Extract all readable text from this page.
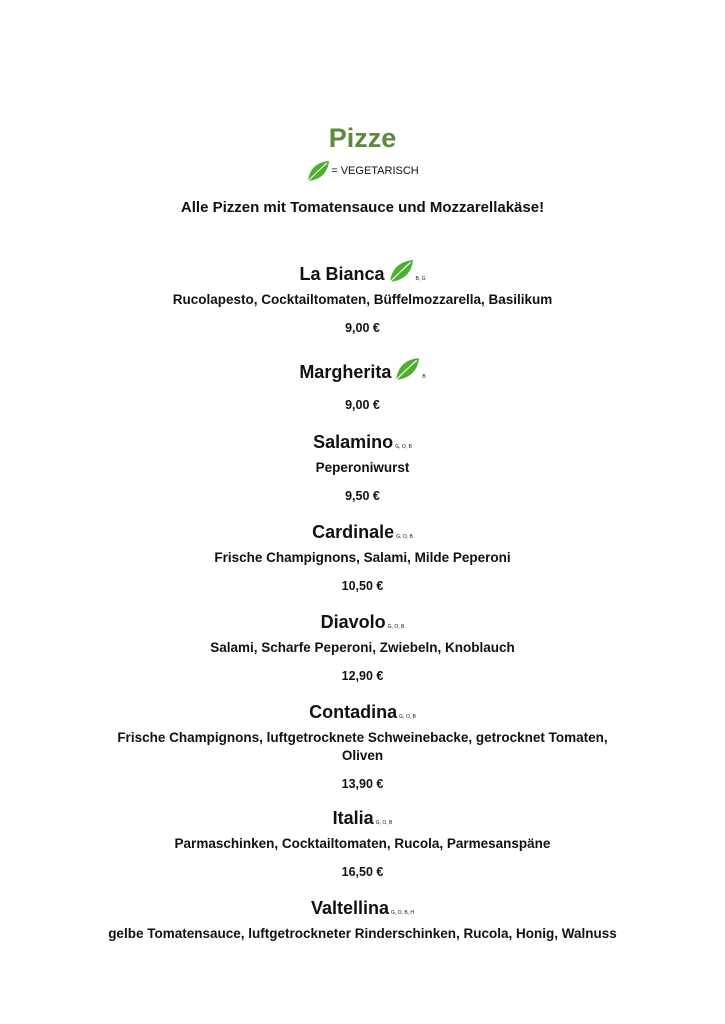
Pizze
= VEGETARISCH
Alle Pizzen mit Tomatensauce und Mozzarellakäse!
La Bianca	B, G
Rucolapesto, Cocktailtomaten, Büffelmozzarella, Basilikum
9,00 €
Margherita	B
9,00 €
Salamino G, O, B
Peperoniwurst
9,50 €
Cardinale G, O, B
Frische Champignons, Salami, Milde Peperoni
10,50 €
Diavolo G, O, B
Salami, Scharfe Peperoni, Zwiebeln, Knoblauch
12,90 €
Contadina G, O, B
Frische Champignons, luftgetrocknete Schweinebacke, getrocknet Tomaten,
Oliven
13,90 €
Italia G, O, B
Parmaschinken, Cocktailtomaten, Rucola, Parmesanspäne
16,50 €
Valtellina G, O, B, H
gelbe Tomatensauce, luftgetrockneter Rinderschinken, Rucola, Honig, Walnuss
